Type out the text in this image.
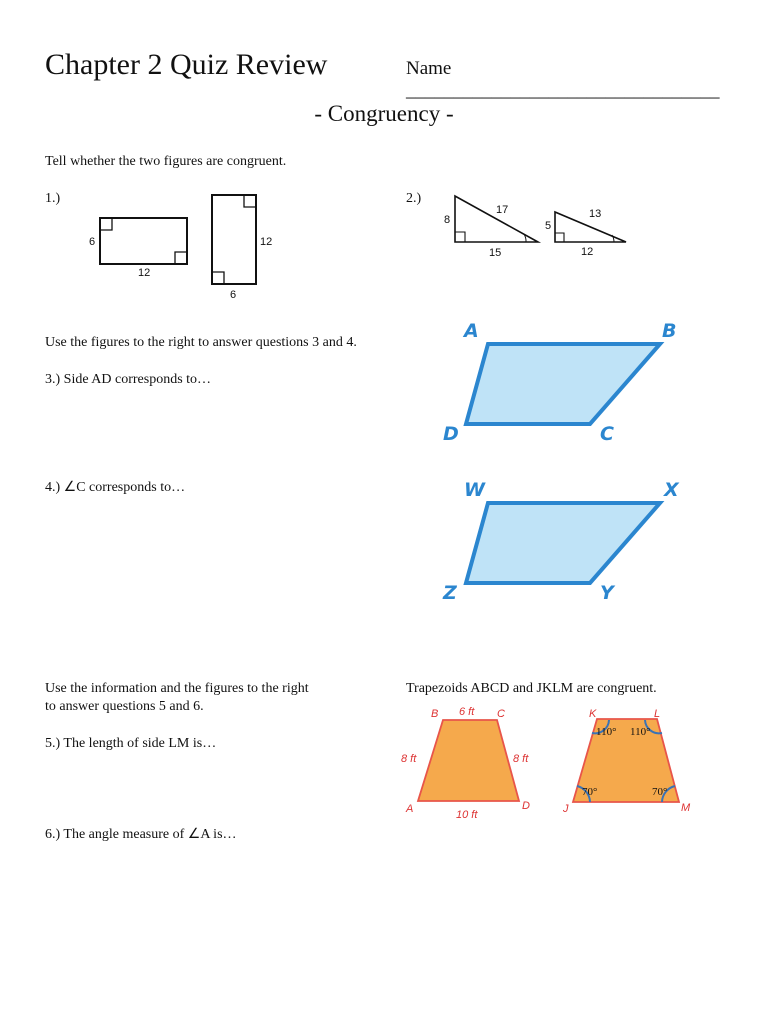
Chapter 2 Quiz Review	Name _________________________________
- Congruency -
Tell whether the two figures are congruent.
1.)	2.)
6
12
12
6
8
17
15
5
13
12
A	B
C
D
W	X
Y
Z
B 6 ft C
8 ft	8 ft
A	D
10 ft
K	L
J	M
110° 110°
70°	70°
Use the figures to the right to answer questions 3 and 4.
3.) Side AD corresponds to…
4.) ∠C corresponds to…
Use the information and the figures to the right
to answer questions 5 and 6.
5.) The length of side LM is…
6.) The angle measure of ∠A is…
Trapezoids ABCD and JKLM are congruent.
